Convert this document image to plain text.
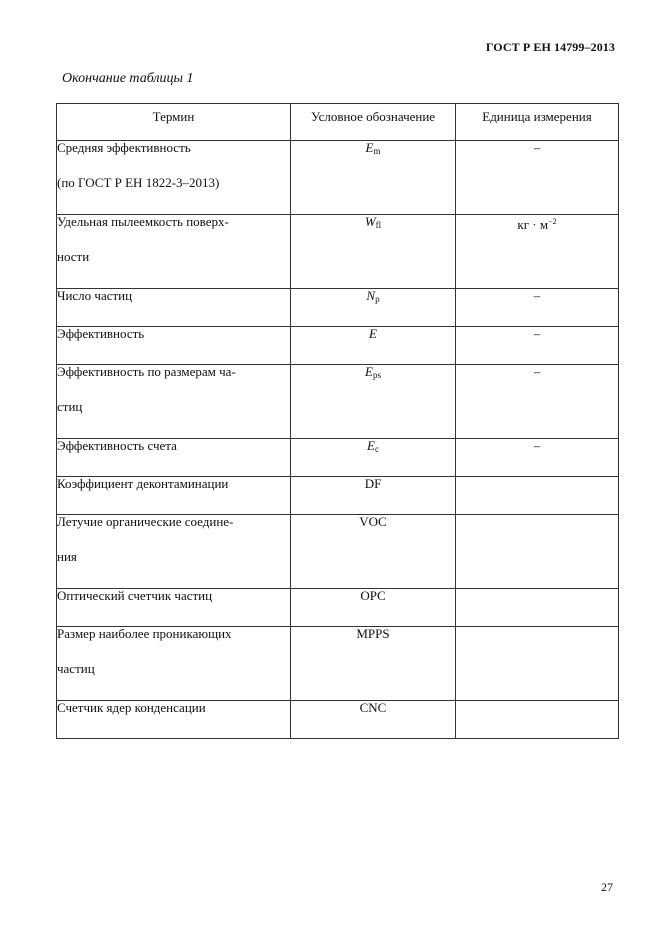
ГОСТ Р ЕН 14799–2013
Окончание таблицы 1
Термин	Условное обозначение	Единица измерения

Средняя эффективность
(по ГОСТ Р ЕН 1822-3–2013)	$E_m$	–

Удельная пылеемкость поверх-
ности	$W_{fl}$	кг · $м^{-2}$

Число частиц	$N_p$	–

Эффективность	E	–

Эффективность по размерам ча-
стиц	$E_{ps}$	–

Эффективность счета	$E_c$	–

Коэффициент деконтаминации	DF	

Летучие органические соедине-
ния	VOC	

Оптический счетчик частиц	OPC	

Размер наиболее проникающих
частиц	MPPS	

Счетчик ядер конденсации	CNC	
27
